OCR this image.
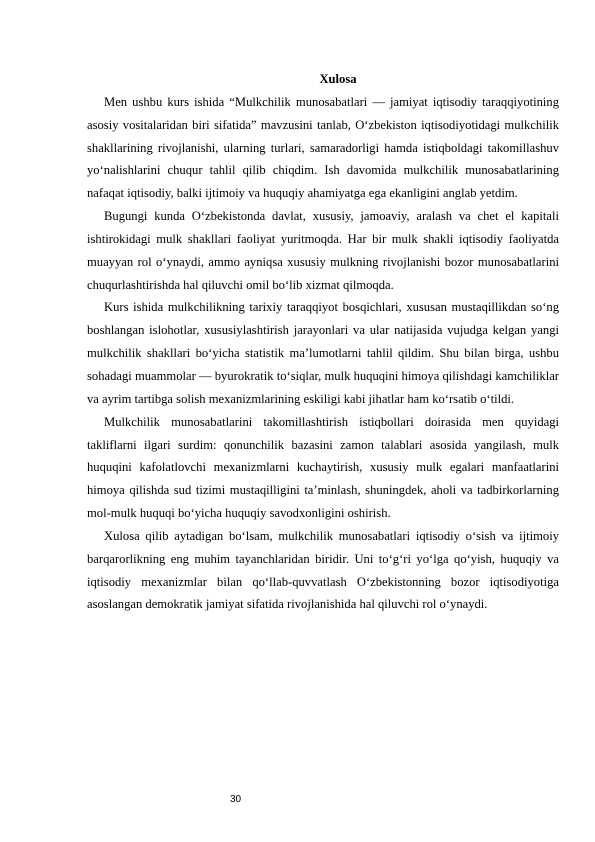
Xulosa

Men ushbu kurs ishida “Mulkchilik munosabatlari — jamiyat iqtisodiy taraqqiyotining asosiy vositalaridan biri sifatida” mavzusini tanlab, O‘zbekiston iqtisodiyotidagi mulkchilik shakllarining rivojlanishi, ularning turlari, samaradorligi hamda istiqboldagi takomillashuv yo‘nalishlarini chuqur tahlil qilib chiqdim. Ish davomida mulkchilik munosabatlarining nafaqat iqtisodiy, balki ijtimoiy va huquqiy ahamiyatga ega ekanligini anglab yetdim.

Bugungi kunda O‘zbekistonda davlat, xususiy, jamoaviy, aralash va chet el kapitali ishtirokidagi mulk shakllari faoliyat yuritmoqda. Har bir mulk shakli iqtisodiy faoliyatda muayyan rol o‘ynaydi, ammo ayniqsa xususiy mulkning rivojlanishi bozor munosabatlarini chuqurlashtirishda hal qiluvchi omil bo‘lib xizmat qilmoqda.

Kurs ishida mulkchilikning tarixiy taraqqiyot bosqichlari, xususan mustaqillikdan so‘ng boshlangan islohotlar, xususiylashtirish jarayonlari va ular natijasida vujudga kelgan yangi mulkchilik shakllari bo‘yicha statistik ma’lumotlarni tahlil qildim. Shu bilan birga, ushbu sohadagi muammolar — byurokratik to‘siqlar, mulk huquqini himoya qilishdagi kamchiliklar va ayrim tartibga solish mexanizmlarining eskiligi kabi jihatlar ham ko‘rsatib o‘tildi.

Mulkchilik munosabatlarini takomillashtirish istiqbollari doirasida men quyidagi takliflarni ilgari surdim: qonunchilik bazasini zamon talablari asosida yangilash, mulk huquqini kafolatlovchi mexanizmlarni kuchaytirish, xususiy mulk egalari manfaatlarini himoya qilishda sud tizimi mustaqilligini ta’minlash, shuningdek, aholi va tadbirkorlarning mol-mulk huquqi bo‘yicha huquqiy savodxonligini oshirish.

Xulosa qilib aytadigan bo‘lsam, mulkchilik munosabatlari iqtisodiy o‘sish va ijtimoiy barqarorlikning eng muhim tayanchlaridan biridir. Uni to‘g‘ri yo‘lga qo‘yish, huquqiy va iqtisodiy mexanizmlar bilan qo‘llab-quvvatlash O‘zbekistonning bozor iqtisodiyotiga asoslangan demokratik jamiyat sifatida rivojlanishida hal qiluvchi rol o‘ynaydi.

30
